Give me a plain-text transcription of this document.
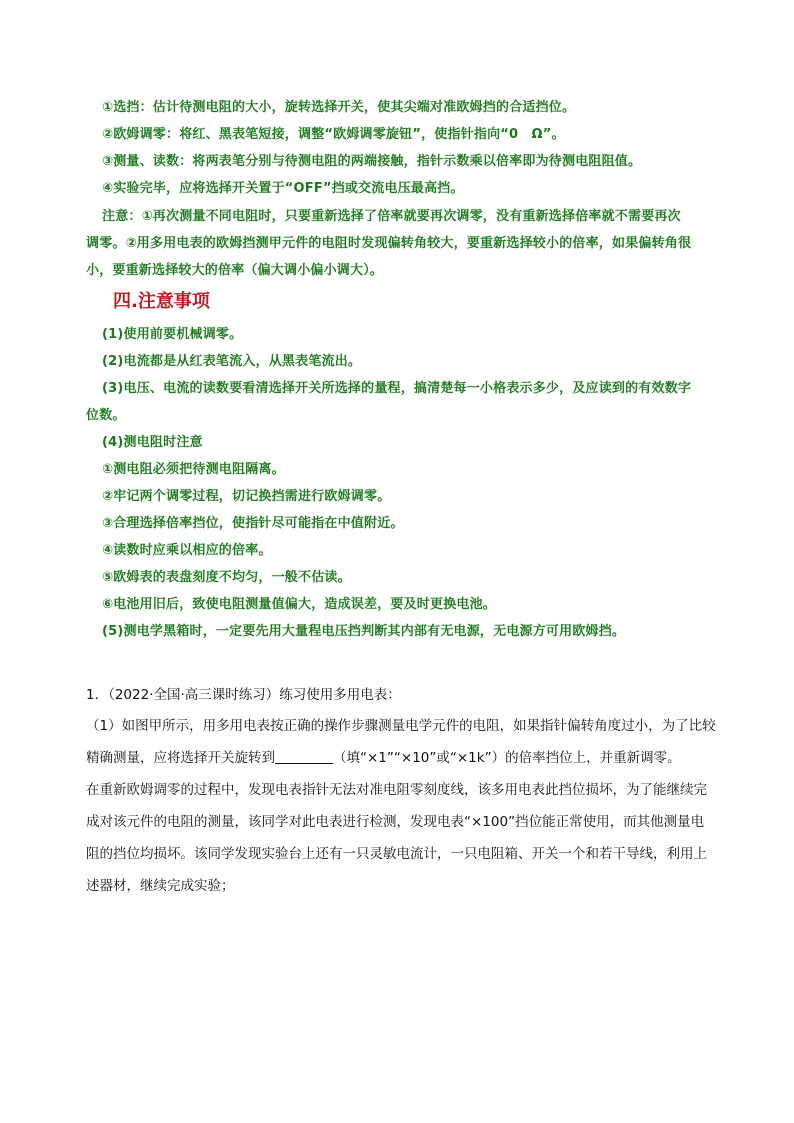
①选挡：估计待测电阻的大小，旋转选择开关，使其尖端对准欧姆挡的合适挡位。
②欧姆调零：将红、黑表笔短接，调整“欧姆调零旋钮”，使指针指向“0　Ω”。
③测量、读数：将两表笔分别与待测电阻的两端接触，指针示数乘以倍率即为待测电阻阻值。
④实验完毕，应将选择开关置于“OFF”挡或交流电压最高挡。
注意：①再次测量不同电阻时，只要重新选择了倍率就要再次调零，没有重新选择倍率就不需要再次
调零。②用多用电表的欧姆挡测甲元件的电阻时发现偏转角较大，要重新选择较小的倍率，如果偏转角很
小，要重新选择较大的倍率（偏大调小偏小调大）。
四.注意事项
(1)使用前要机械调零。
(2)电流都是从红表笔流入，从黑表笔流出。
(3)电压、电流的读数要看清选择开关所选择的量程，搞清楚每一小格表示多少，及应读到的有效数字
位数。
(4)测电阻时注意
①测电阻必须把待测电阻隔离。
②牢记两个调零过程，切记换挡需进行欧姆调零。
③合理选择倍率挡位，使指针尽可能指在中值附近。
④读数时应乘以相应的倍率。
⑤欧姆表的表盘刻度不均匀，一般不估读。
⑥电池用旧后，致使电阻测量值偏大，造成误差，要及时更换电池。
(5)测电学黑箱时，一定要先用大量程电压挡判断其内部有无电源，无电源方可用欧姆挡。
1．（2022·全国·高三课时练习）练习使用多用电表：
（1）如图甲所示，用多用电表按正确的操作步骤测量电学元件的电阻，如果指针偏转角度过小，为了比较
精确测量，应将选择开关旋转到	（填“×1”“×10”或“×1k”）的倍率挡位上，并重新调零。
在重新欧姆调零的过程中，发现电表指针无法对准电阻零刻度线，该多用电表此挡位损坏，为了能继续完
成对该元件的电阻的测量，该同学对此电表进行检测，发现电表“×100”挡位能正常使用，而其他测量电
阻的挡位均损坏。该同学发现实验台上还有一只灵敏电流计，一只电阻箱、开关一个和若干导线，利用上
述器材，继续完成实验；
